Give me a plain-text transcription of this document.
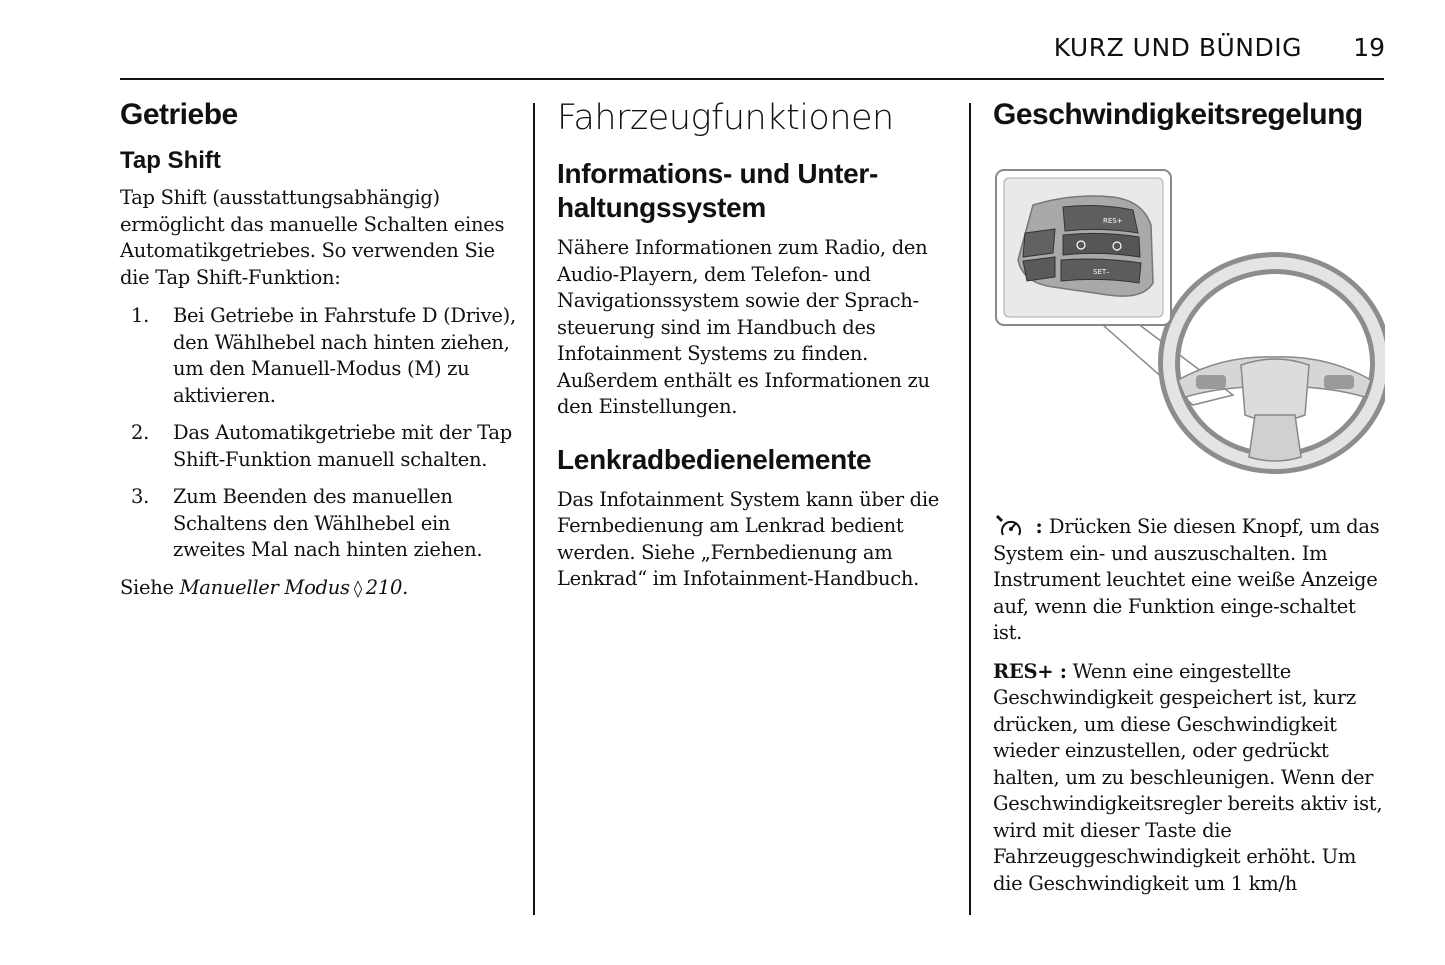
KURZ UND BÜNDIG 19
Getriebe
Tap Shift

Tap Shift (ausstattungsabhängig) ermöglicht das manuelle Schalten eines Automatikgetriebes. So verwenden Sie die Tap Shift-Funktion:

1. Bei Getriebe in Fahrstufe D (Drive), den Wählhebel nach hinten ziehen, um den Manuell-Modus (M) zu aktivieren.
2. Das Automatikgetriebe mit der Tap Shift-Funktion manuell schalten.
3. Zum Beenden des manuellen Schaltens den Wählhebel ein zweites Mal nach hinten ziehen.

Siehe Manueller Modus ◊ 210.

Fahrzeugfunktionen
Informations- und Unter-haltungssystem

Nähere Informationen zum Radio, den Audio-Playern, dem Telefon- und Navigationssystem sowie der Sprach-steuerung sind im Handbuch des Infotainment Systems zu finden. Außerdem enthält es Informationen zu den Einstellungen.

Lenkradbedienelemente

Das Infotainment System kann über die Fernbedienung am Lenkrad bedient werden. Siehe „Fernbedienung am Lenkrad“ im Infotainment-Handbuch.

Geschwindigkeitsregelung
RES+
SET–

: Drücken Sie diesen Knopf, um das System ein- und auszuschalten. Im Instrument leuchtet eine weiße Anzeige auf, wenn die Funktion einge-schaltet ist.

RES+ : Wenn eine eingestellte Geschwindigkeit gespeichert ist, kurz drücken, um diese Geschwindigkeit wieder einzustellen, oder gedrückt halten, um zu beschleunigen. Wenn der Geschwindigkeitsregler bereits aktiv ist, wird mit dieser Taste die Fahrzeuggeschwindigkeit erhöht. Um die Geschwindigkeit um 1 km/h
